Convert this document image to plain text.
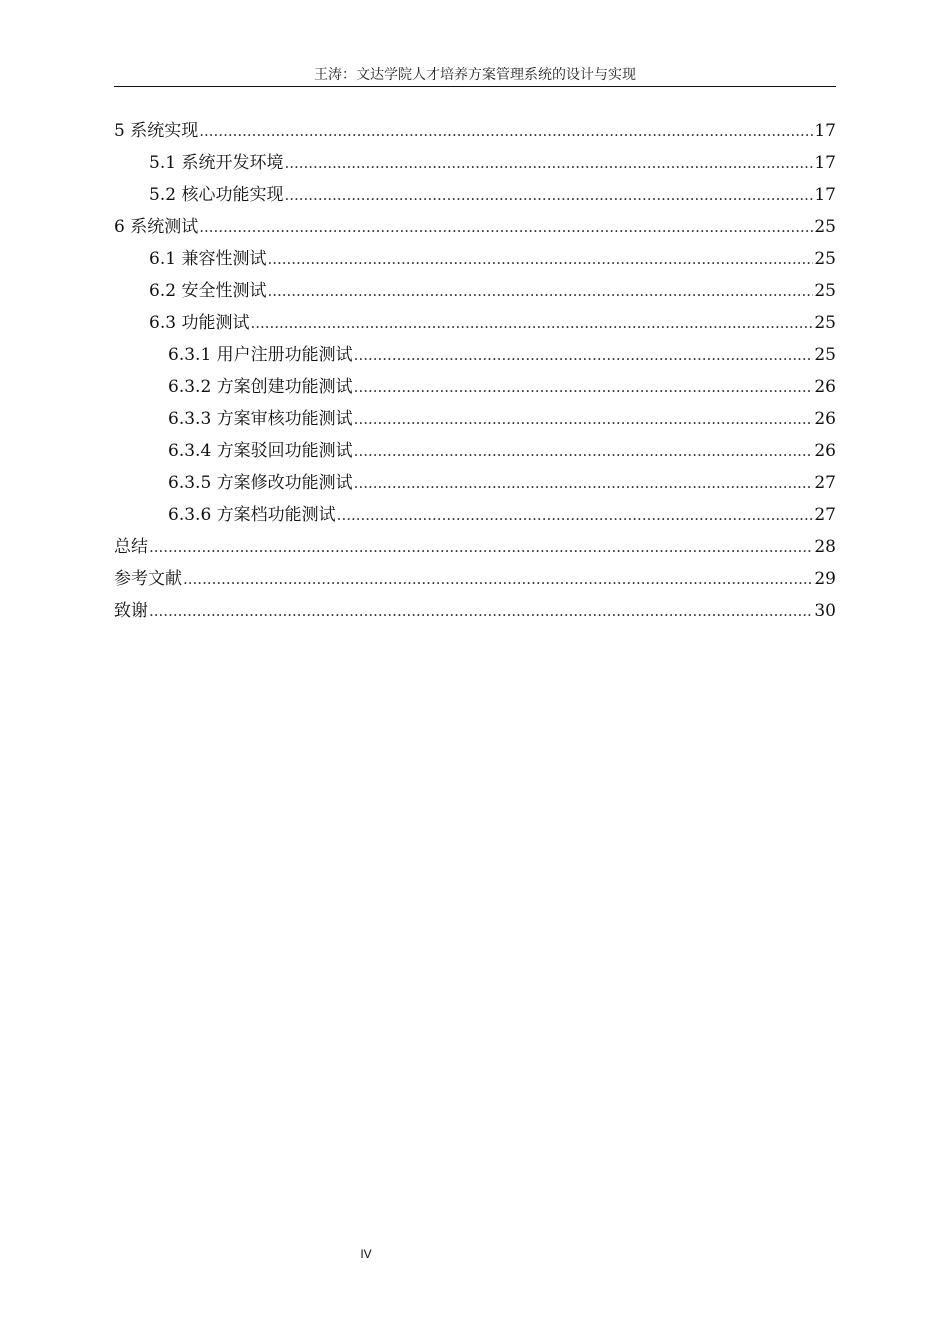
王涛：文达学院人才培养方案管理系统的设计与实现
5 系统实现 .....	17
5.1 系统开发环境 .....	17
5.2 核心功能实现 .....	17
6 系统测试 .....	25
6.1 兼容性测试 .....	25
6.2 安全性测试 .....	25
6.3 功能测试 .....	25
6.3.1 用户注册功能测试 .....	25
6.3.2 方案创建功能测试 .....	26
6.3.3 方案审核功能测试 .....	26
6.3.4 方案驳回功能测试 .....	26
6.3.5 方案修改功能测试 .....	27
6.3.6 方案档功能测试 .....	27
总结 .....	28
参考文献 .....	29
致谢 .....	30
IV
